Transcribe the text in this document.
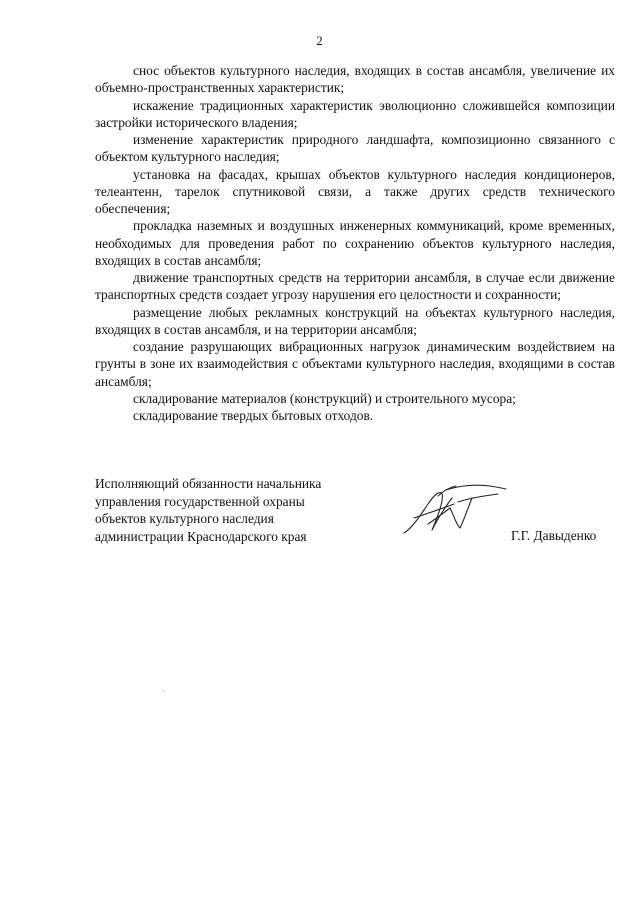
2

снос объектов культурного наследия, входящих в состав ансамбля, увеличение их объемно-пространственных характеристик;

искажение традиционных характеристик эволюционно сложившейся композиции застройки исторического владения;

изменение характеристик природного ландшафта, композиционно связанного с объектом культурного наследия;

установка на фасадах, крышах объектов культурного наследия кондиционеров, телеантенн, тарелок спутниковой связи, а также других средств технического обеспечения;

прокладка наземных и воздушных инженерных коммуникаций, кроме временных, необходимых для проведения работ по сохранению объектов культурного наследия, входящих в состав ансамбля;

движение транспортных средств на территории ансамбля, в случае если движение транспортных средств создает угрозу нарушения его целостности и сохранности;

размещение любых рекламных конструкций на объектах культурного наследия, входящих в состав ансамбля, и на территории ансамбля;

создание разрушающих вибрационных нагрузок динамическим воздействием на грунты в зоне их взаимодействия с объектами культурного наследия, входящими в состав ансамбля;

складирование материалов (конструкций) и строительного мусора;

складирование твердых бытовых отходов.

Исполняющий обязанности начальника
управления государственной охраны
объектов культурного наследия
администрации Краснодарского края	Г.Г. Давыденко
